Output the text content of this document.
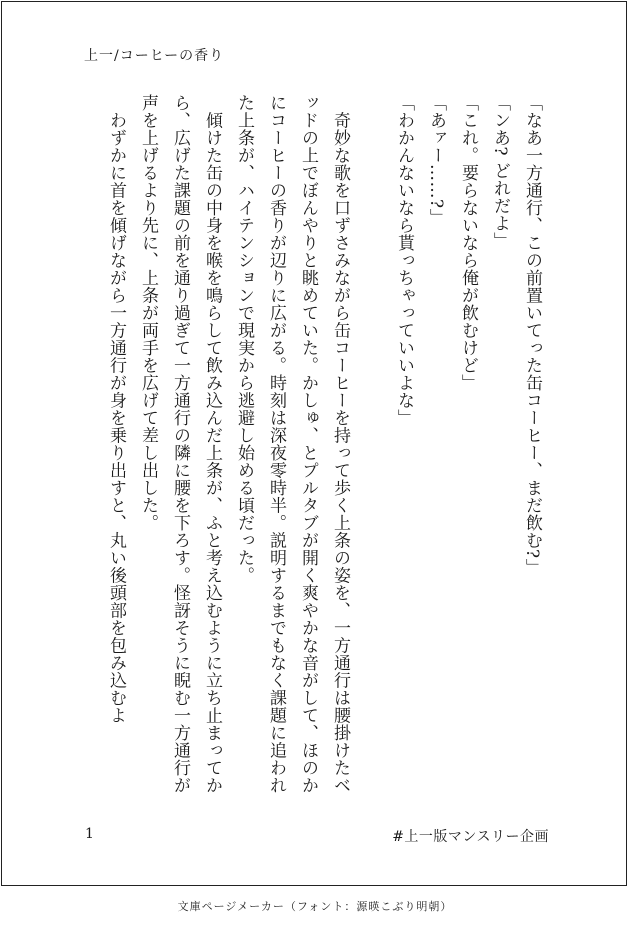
上一/コーヒーの香り

「なあ一方通行、この前置いてった缶コーヒー、まだ飲む?」

「ンあ? どれだよ」

「これ。要らないなら俺が飲むけど」

「あァー……?」

「わかんないなら貰っちゃっていいよな」

　奇妙な歌を口ずさみながら缶コーヒーを持って歩く上条の姿を、一方通行は腰掛けたベッドの上でぼんやりと眺めていた。かしゅ、とプルタブが開く爽やかな音がして、ほのかにコーヒーの香りが辺りに広がる。時刻は深夜零時半。説明するまでもなく課題に追われた上条が、ハイテンションで現実から逃避し始める頃だった。

　傾けた缶の中身を喉を鳴らして飲み込んだ上条が、ふと考え込むように立ち止まってから、広げた課題の前を通り過ぎて一方通行の隣に腰を下ろす。怪訝そうに睨む一方通行が声を上げるより先に、上条が両手を広げて差し出した。

　わずかに首を傾げながら一方通行が身を乗り出すと、丸い後頭部を包み込むよ

1	#上一版マンスリー企画
文庫ページメーカー（フォント：源暎こぶり明朝）
